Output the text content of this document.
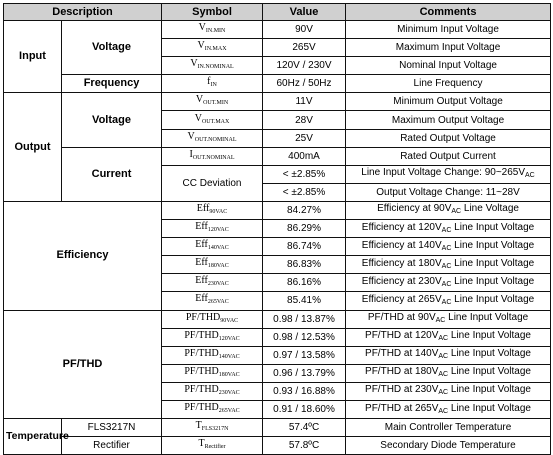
Description		Symbol	Value	Comments
Input	Voltage	$V_{IN.MIN}$	90V	Minimum Input Voltage
		$V_{IN.MAX}$	265V	Maximum Input Voltage
		$V_{IN.NOMINAL}$	120V / 230V	Nominal Input Voltage
	Frequency	$f_{IN}$	60Hz / 50Hz	Line Frequency
Output	Voltage	$V_{OUT.MIN}$	11V	Minimum Output Voltage
		$V_{OUT.MAX}$	28V	Maximum Output Voltage
		$V_{OUT.NOMINAL}$	25V	Rated Output Voltage
	Current	$I_{OUT.NOMINAL}$	400mA	Rated Output Current
		CC Deviation	< ±2.85%	Line Input Voltage Change: $90\sim 265V_{AC}$
			< ±2.85%	Output Voltage Change: 11~28V
Efficiency		Eff$_{90VAC}$	84.27%	Efficiency at $90V_{AC}$ Line Voltage
		Eff$_{120VAC}$	86.29%	Efficiency at $120V_{AC}$ Line Input Voltage
		Eff$_{140VAC}$	86.74%	Efficiency at $140V_{AC}$ Line Input Voltage
		Eff$_{180VAC}$	86.83%	Efficiency at $180V_{AC}$ Line Input Voltage
		Eff$_{230VAC}$	86.16%	Efficiency at $230V_{AC}$ Line Input Voltage
		Eff$_{265VAC}$	85.41%	Efficiency at $265V_{AC}$ Line Input Voltage
PF/THD		$PF/THD_{90VAC}$	0.98 / 13.87%	PF/THD at $90V_{AC}$ Line Input Voltage
		$PF/THD_{120VAC}$	0.98 / 12.53%	PF/THD at $120V_{AC}$ Line Input Voltage
		$PF/THD_{140VAC}$	0.97 / 13.58%	PF/THD at $140V_{AC}$ Line Input Voltage
		$PF/THD_{180VAC}$	0.96 / 13.79%	PF/THD at $180V_{AC}$ Line Input Voltage
		$PF/THD_{230VAC}$	0.93 / 16.88%	PF/THD at $230V_{AC}$ Line Input Voltage
		$PF/THD_{265VAC}$	0.91 / 18.60%	PF/THD at $265V_{AC}$ Line Input Voltage
Temperature	FLS3217N	$T_{FLS3217N}$	57.4ºC	Main Controller Temperature
	Rectifier	$T_{Rectifier}$	57.8ºC	Secondary Diode Temperature
